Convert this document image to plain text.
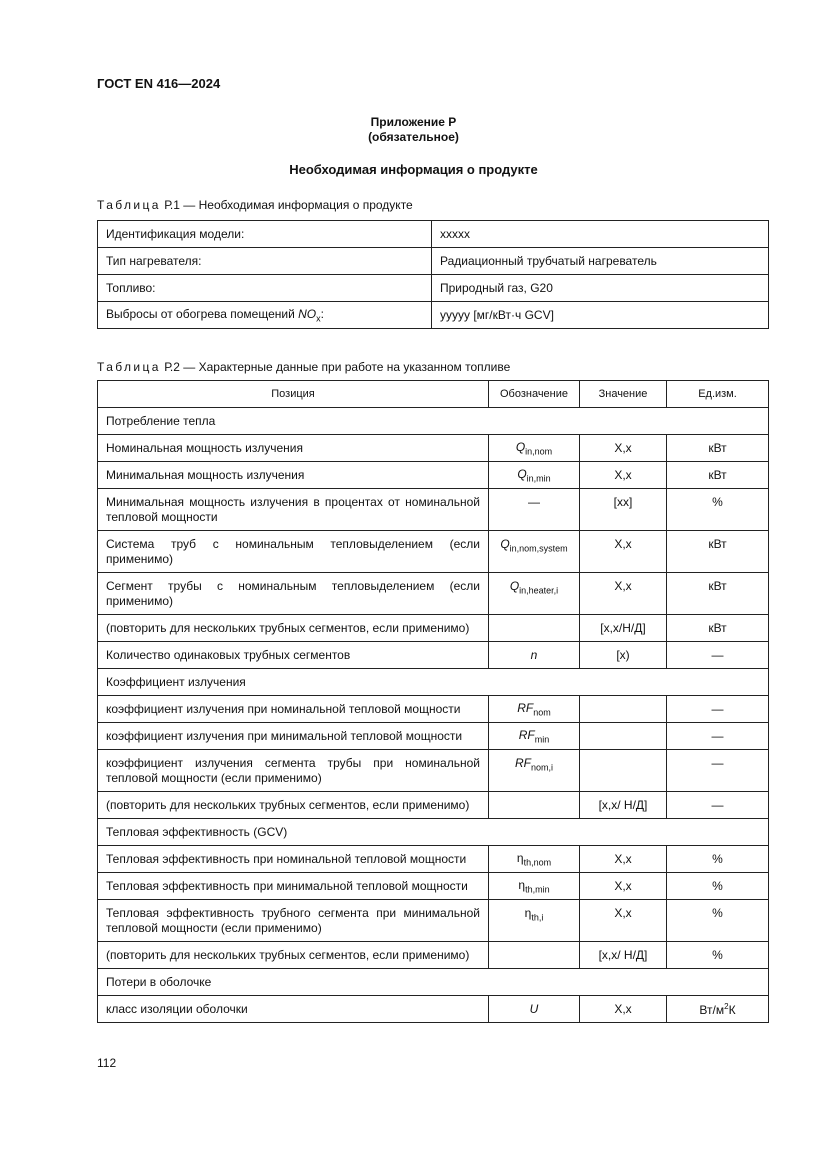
ГОСТ EN 416—2024
Приложение Р
(обязательное)
Необходимая информация о продукте
Таблица Р.1 — Необходимая информация о продукте
Идентификация модели:	xxxxx
Тип нагревателя:	Радиационный трубчатый нагреватель
Топливо:	Природный газ, G20
Выбросы от обогрева помещений $NO_x$:	yyyyy [мг/кВт·ч GCV]
Таблица Р.2 — Характерные данные при работе на указанном топливе
Позиция	Обозначение	Значение	Ед.изм.
Потребление тепла			
Номинальная мощность излучения	$Q_{in,nom}$	X,x	кВт
Минимальная мощность излучения	$Q_{in,min}$	X,x	кВт
Минимальная мощность излучения в процентах от номинальной тепловой мощности	—	[xx]	%
Система труб с номинальным тепловыделением (если применимо)	$Q_{in,nom,system}$	X,x	кВт
Сегмент трубы с номинальным тепловыделением (если применимо)	$Q_{in,heater,i}$	X,x	кВт
(повторить для нескольких трубных сегментов, если применимо)		[x,x/Н/Д]	кВт
Количество одинаковых трубных сегментов	n	[x)	—
Коэффициент излучения			
коэффициент излучения при номинальной тепловой мощности	$RF_{nom}$		—
коэффициент излучения при минимальной тепловой мощности	$RF_{min}$		—
коэффициент излучения сегмента трубы при номинальной тепловой мощности (если применимо)	$RF_{nom,i}$		—
(повторить для нескольких трубных сегментов, если применимо)		[x,x/ Н/Д]	—
Тепловая эффективность (GCV)			
Тепловая эффективность при номинальной тепловой мощности	$\eta_{th,nom}$	X,x	%
Тепловая эффективность при минимальной тепловой мощности	$\eta_{th,min}$	X,x	%
Тепловая эффективность трубного сегмента при минимальной тепловой мощности (если применимо)	$\eta_{th,i}$	X,x	%
(повторить для нескольких трубных сегментов, если применимо)		[x,x/ Н/Д]	%
Потери в оболочке			
класс изоляции оболочки	U	X,x	$Вт/м^2К$
112
